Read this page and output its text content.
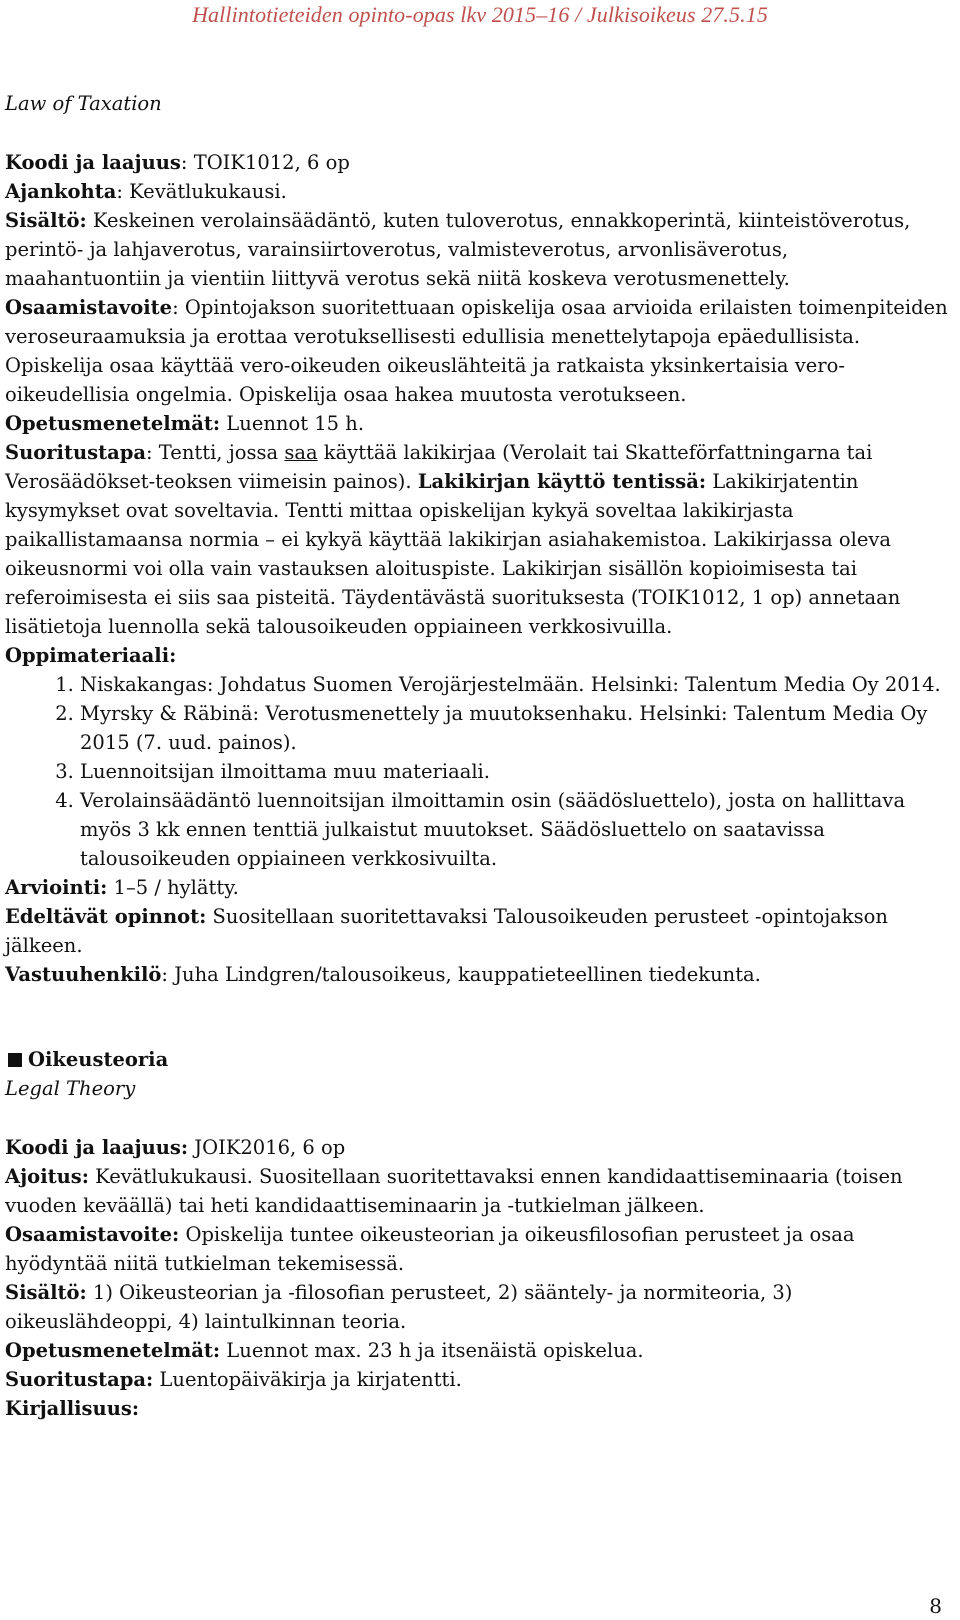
Hallintotieteiden opinto-opas lkv 2015–16 / Julkisoikeus 27.5.15

Law of Taxation

Koodi ja laajuus: TOIK1012, 6 op

Ajankohta: Kevätlukukausi.

Sisältö: Keskeinen verolainsäädäntö, kuten tuloverotus, ennakkoperintä, kiinteistöverotus, perintö- ja lahjaverotus, varainsiirtoverotus, valmisteverotus, arvonlisäverotus, maahantuontiin ja vientiin liittyvä verotus sekä niitä koskeva verotusmenettely.

Osaamistavoite: Opintojakson suoritettuaan opiskelija osaa arvioida erilaisten toimenpiteiden veroseuraamuksia ja erottaa verotuksellisesti edullisia menettelytapoja epäedullisista. Opiskelija osaa käyttää vero-oikeuden oikeuslähteitä ja ratkaista yksinkertaisia vero-oikeudellisia ongelmia. Opiskelija osaa hakea muutosta verotukseen.

Opetusmenetelmät: Luennot 15 h.

Suoritustapa: Tentti, jossa saa käyttää lakikirjaa (Verolait tai Skatteförfattningarna tai Verosäädökset-teoksen viimeisin painos). Lakikirjan käyttö tentissä: Lakikirjatentin kysymykset ovat soveltavia. Tentti mittaa opiskelijan kykyä soveltaa lakikirjasta paikallistamaansa normia – ei kykyä käyttää lakikirjan asiahakemistoa. Lakikirjassa oleva oikeusnormi voi olla vain vastauksen aloituspiste. Lakikirjan sisällön kopioimisesta tai referoimisesta ei siis saa pisteitä. Täydentävästä suorituksesta (TOIK1012, 1 op) annetaan lisätietoja luennolla sekä talousoikeuden oppiaineen verkkosivuilla.

Oppimateriaali:

1. Niskakangas: Johdatus Suomen Verojärjestelmään. Helsinki: Talentum Media Oy 2014.
2. Myrsky & Räbinä: Verotusmenettely ja muutoksenhaku. Helsinki: Talentum Media Oy 2015 (7. uud. painos).
3. Luennoitsijan ilmoittama muu materiaali.
4. Verolainsäädäntö luennoitsijan ilmoittamin osin (säädösluettelo), josta on hallittava myös 3 kk ennen tenttiä julkaistut muutokset. Säädösluettelo on saatavissa talousoikeuden oppiaineen verkkosivuilta.

Arviointi: 1–5 / hylätty.

Edeltävät opinnot: Suositellaan suoritettavaksi Talousoikeuden perusteet -opintojakson jälkeen.

Vastuuhenkilö: Juha Lindgren/talousoikeus, kauppatieteellinen tiedekunta.

Oikeusteoria

Legal Theory

Koodi ja laajuus: JOIK2016, 6 op

Ajoitus: Kevätlukukausi. Suositellaan suoritettavaksi ennen kandidaattiseminaaria (toisen vuoden keväällä) tai heti kandidaattiseminaarin ja -tutkielman jälkeen.

Osaamistavoite: Opiskelija tuntee oikeusteorian ja oikeusfilosofian perusteet ja osaa hyödyntää niitä tutkielman tekemisessä.

Sisältö: 1) Oikeusteorian ja -filosofian perusteet, 2) sääntely- ja normiteoria, 3) oikeuslähdeoppi, 4) laintulkinnan teoria.

Opetusmenetelmät: Luennot max. 23 h ja itsenäistä opiskelua.

Suoritustapa: Luentopäiväkirja ja kirjatentti.

Kirjallisuus:

8
